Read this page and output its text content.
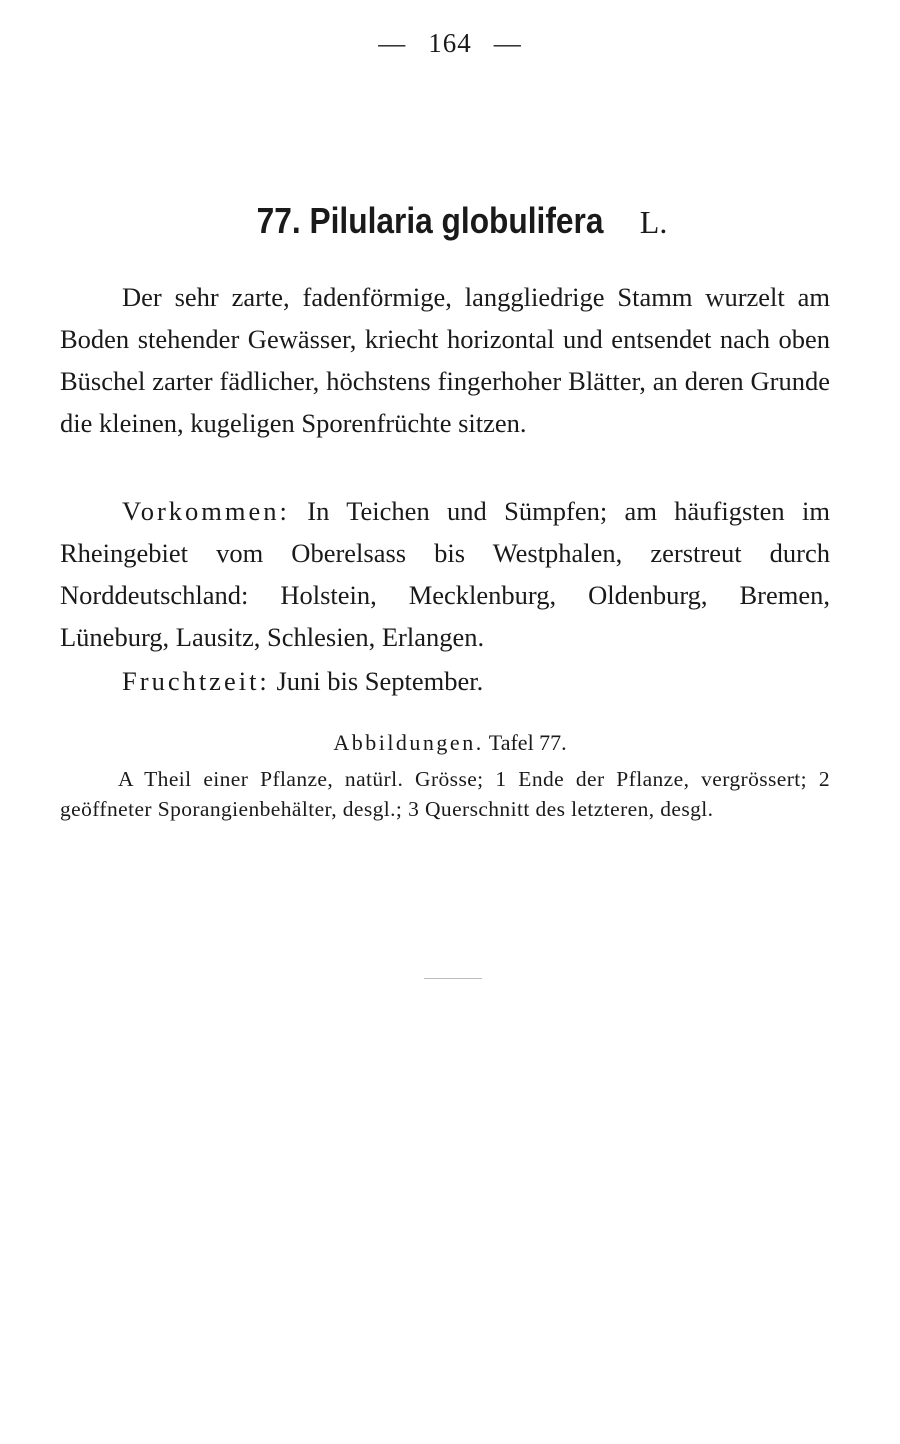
— 164 —
77. Pilularia globulifera L.

Der sehr zarte, fadenförmige, langgliedrige Stamm wurzelt am Boden stehender Gewässer, kriecht horizontal und entsendet nach oben Büschel zarter fädlicher, höchstens fingerhoher Blätter, an deren Grunde die kleinen, kugeligen Sporenfrüchte sitzen.

Vorkommen: In Teichen und Sümpfen; am häufigsten im Rheingebiet vom Oberelsass bis Westphalen, zerstreut durch Norddeutschland: Holstein, Mecklenburg, Oldenburg, Bremen, Lüneburg, Lausitz, Schlesien, Erlangen.

Fruchtzeit: Juni bis September.

Abbildungen. Tafel 77.

A Theil einer Pflanze, natürl. Grösse; 1 Ende der Pflanze, vergrössert; 2 geöffneter Sporangienbehälter, desgl.; 3 Querschnitt des letzteren, desgl.
